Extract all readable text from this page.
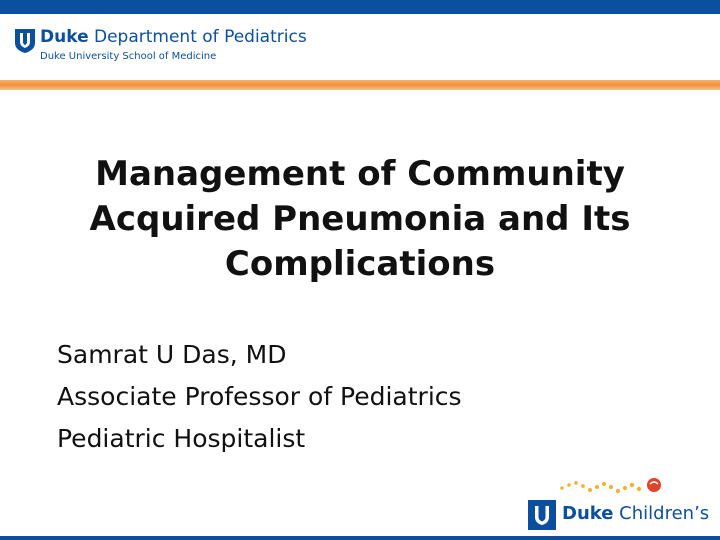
Duke Department of Pediatrics
Duke University School of Medicine
Management of Community
Acquired Pneumonia and Its
Complications
Samrat U Das, MD
Associate Professor of Pediatrics
Pediatric Hospitalist
Duke Children’s
